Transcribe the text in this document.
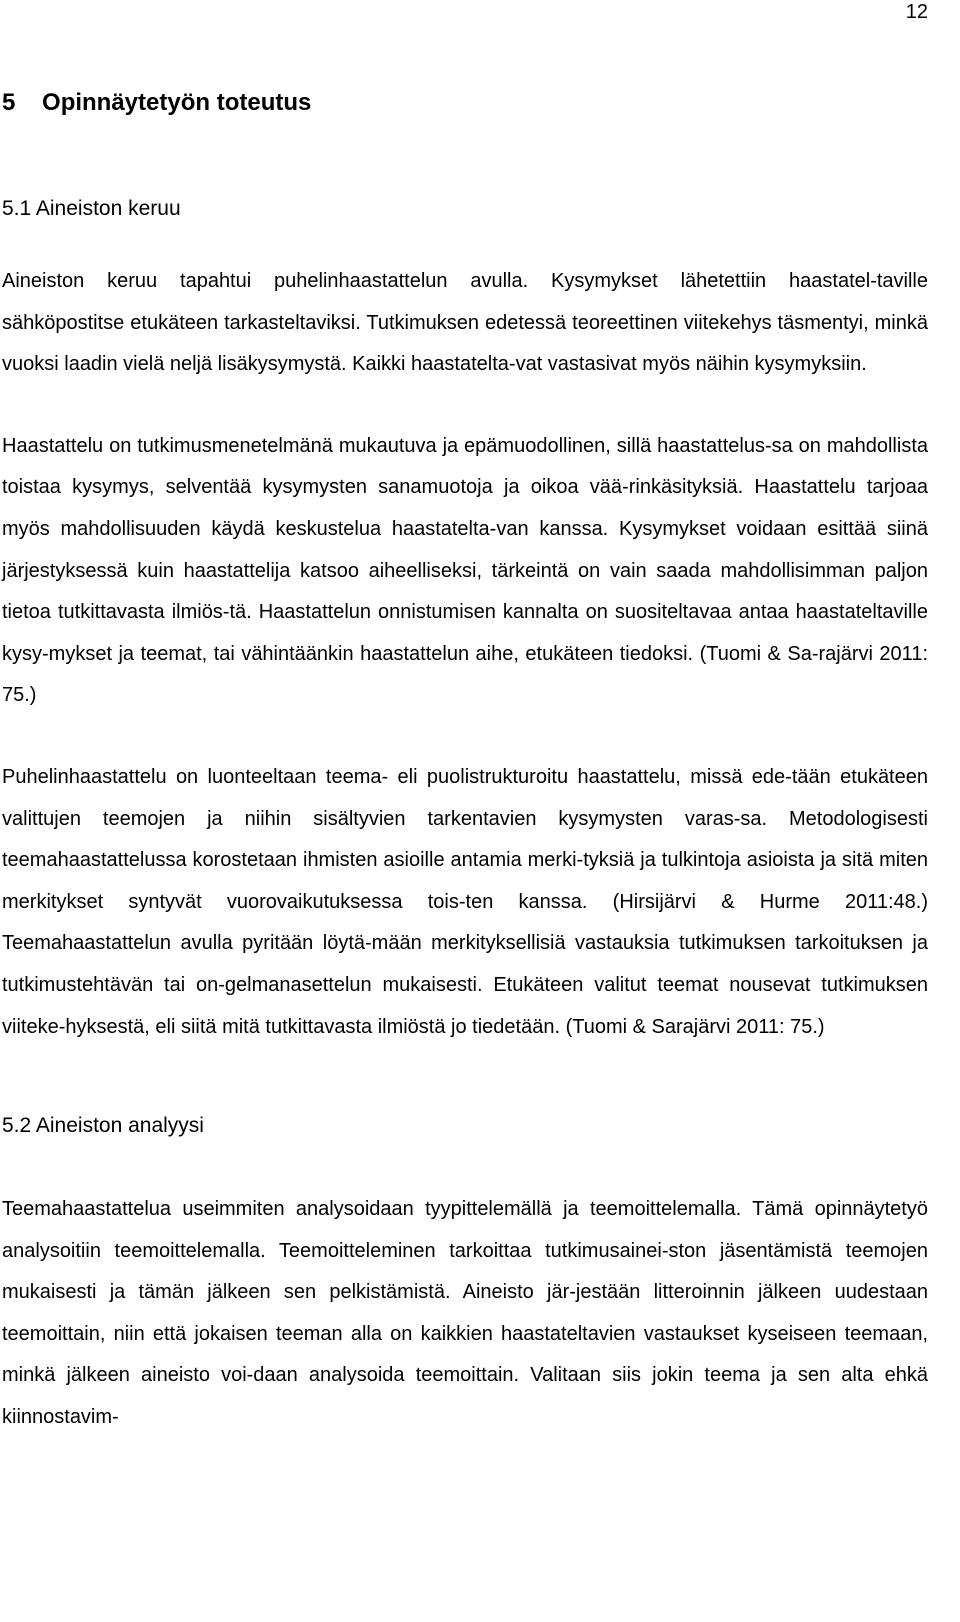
12
5    Opinnäytetyön toteutus
5.1 Aineiston keruu

Aineiston keruu tapahtui puhelinhaastattelun avulla. Kysymykset lähetettiin haastatel-taville sähköpostitse etukäteen tarkasteltaviksi. Tutkimuksen edetessä teoreettinen viitekehys täsmentyi, minkä vuoksi laadin vielä neljä lisäkysymystä. Kaikki haastatelta-vat vastasivat myös näihin kysymyksiin.

Haastattelu on tutkimusmenetelmänä mukautuva ja epämuodollinen, sillä haastattelus-sa on mahdollista toistaa kysymys, selventää kysymysten sanamuotoja ja oikoa vää-rinkäsityksiä. Haastattelu tarjoaa myös mahdollisuuden käydä keskustelua haastatelta-van kanssa. Kysymykset voidaan esittää siinä järjestyksessä kuin haastattelija katsoo aiheelliseksi, tärkeintä on vain saada mahdollisimman paljon tietoa tutkittavasta ilmiös-tä. Haastattelun onnistumisen kannalta on suositeltavaa antaa haastateltaville kysy-mykset ja teemat, tai vähintäänkin haastattelun aihe, etukäteen tiedoksi. (Tuomi & Sa-rajärvi 2011: 75.)

Puhelinhaastattelu on luonteeltaan teema- eli puolistrukturoitu haastattelu, missä ede-tään etukäteen valittujen teemojen ja niihin sisältyvien tarkentavien kysymysten varas-sa. Metodologisesti teemahaastattelussa korostetaan ihmisten asioille antamia merki-tyksiä ja tulkintoja asioista ja sitä miten merkitykset syntyvät vuorovaikutuksessa tois-ten kanssa. (Hirsijärvi & Hurme 2011:48.) Teemahaastattelun avulla pyritään löytä-mään merkityksellisiä vastauksia tutkimuksen tarkoituksen ja tutkimustehtävän tai on-gelmanasettelun mukaisesti. Etukäteen valitut teemat nousevat tutkimuksen viiteke-hyksestä, eli siitä mitä tutkittavasta ilmiöstä jo tiedetään. (Tuomi & Sarajärvi 2011: 75.)

5.2 Aineiston analyysi

Teemahaastattelua useimmiten analysoidaan tyypittelemällä ja teemoittelemalla. Tämä opinnäytetyö analysoitiin teemoittelemalla. Teemoitteleminen tarkoittaa tutkimusainei-ston jäsentämistä teemojen mukaisesti ja tämän jälkeen sen pelkistämistä. Aineisto jär-jestään litteroinnin jälkeen uudestaan teemoittain, niin että jokaisen teeman alla on kaikkien haastateltavien vastaukset kyseiseen teemaan, minkä jälkeen aineisto voi-daan analysoida teemoittain. Valitaan siis jokin teema ja sen alta ehkä kiinnostavim-
